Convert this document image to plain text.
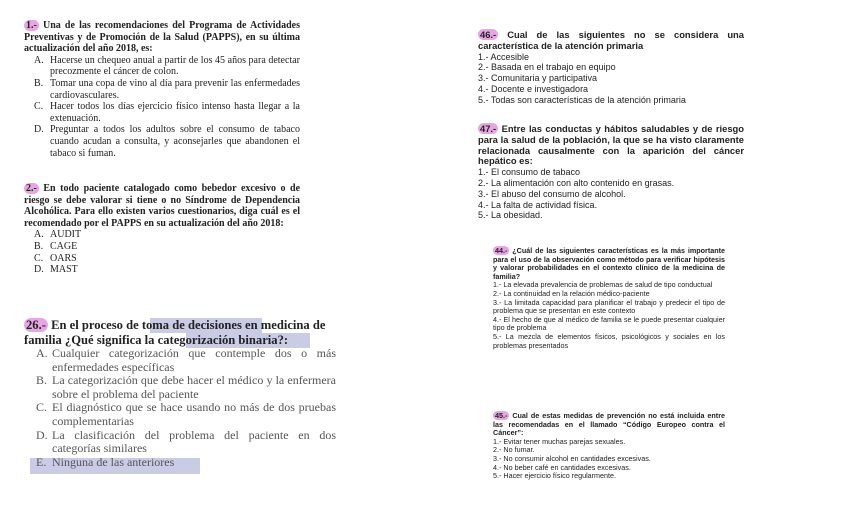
1.- Una de las recomendaciones del Programa de Actividades Preventivas y de Promoción de la Salud (PAPPS), en su última actualización del año 2018, es:

A. Hacerse un chequeo anual a partir de los 45 años para detectar precozmente el cáncer de colon.
B. Tomar una copa de vino al día para prevenir las enfermedades cardiovasculares.
C. Hacer todos los días ejercicio físico intenso hasta llegar a la extenuación.
D. Preguntar a todos los adultos sobre el consumo de tabaco cuando acudan a consulta, y aconsejarles que abandonen el tabaco si fuman.

2.- En todo paciente catalogado como bebedor excesivo o de riesgo se debe valorar si tiene o no Síndrome de Dependencia Alcohólica. Para ello existen varios cuestionarios, diga cuál es el recomendado por el PAPPS en su actualización del año 2018:

A. AUDIT
B. CAGE
C. OARS
D. MAST

26.- En el proceso de toma de decisiones en medicina de familia ¿Qué significa la categorización binaria?:

A. Cualquier categorización que contemple dos o más enfermedades específicas
B. La categorización que debe hacer el médico y la enfermera sobre el problema del paciente
C. El diagnóstico que se hace usando no más de dos pruebas complementarias
D. La clasificación del problema del paciente en dos categorías similares
E. Ninguna de las anteriores

46.- Cual de las siguientes no se considera una característica de la atención primaria

1.- Accesible
2.- Basada en el trabajo en equipo
3.- Comunitaria y participativa
4.- Docente e investigadora
5.- Todas son características de la atención primaria

47.- Entre las conductas y hábitos saludables y de riesgo para la salud de la población, la que se ha visto claramente relacionada causalmente con la aparición del cáncer hepático es:

1.- El consumo de tabaco
2.- La alimentación con alto contenido en grasas.
3.- El abuso del consumo de alcohol.
4.- La falta de actividad física.
5.- La obesidad.

44.- ¿Cuál de las siguientes características es la más importante para el uso de la observación como método para verificar hipótesis y valorar probabilidades en el contexto clínico de la medicina de familia?

1.- La elevada prevalencia de problemas de salud de tipo conductual
2.- La continuidad en la relación médico-paciente
3.- La limitada capacidad para planificar el trabajo y predecir el tipo de problema que se presentan en este contexto
4.- El hecho de que al médico de familia se le puede presentar cualquier tipo de problema
5.- La mezcla de elementos físicos, psicológicos y sociales en los problemas presentados

45.- Cual de estas medidas de prevención no está incluida entre las recomendadas en el llamado “Código Europeo contra el Cáncer”:

1.- Evitar tener muchas parejas sexuales.
2.- No fumar.
3.- No consumir alcohol en cantidades excesivas.
4.- No beber café en cantidades excesivas.
5.- Hacer ejercicio físico regularmente.
